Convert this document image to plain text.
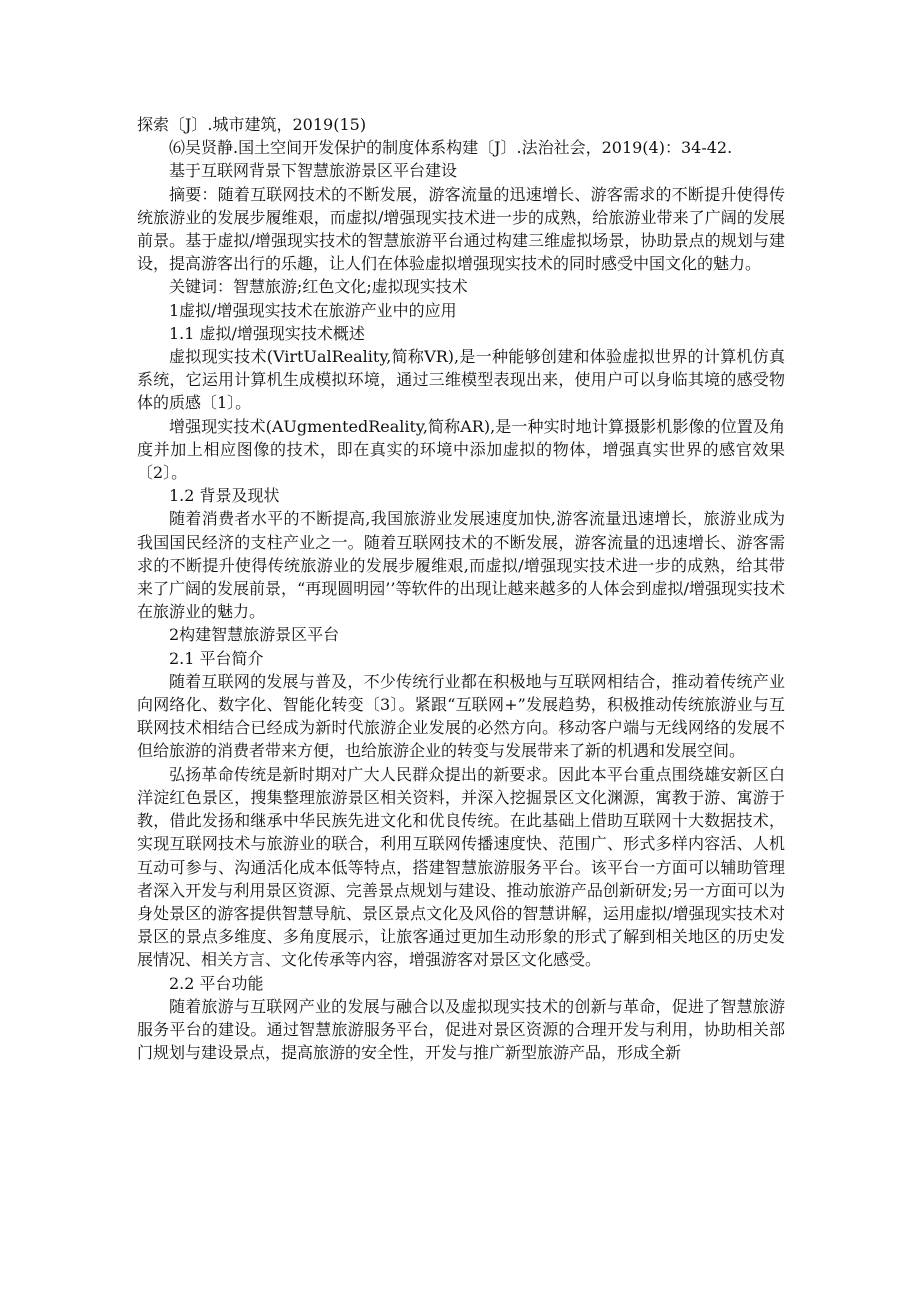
探索〔J〕.城市建筑，2019(15)

⑹吴贤静.国土空间开发保护的制度体系构建〔J〕.法治社会，2019(4)：34-42.

基于互联网背景下智慧旅游景区平台建设

摘要：随着互联网技术的不断发展，游客流量的迅速增长、游客需求的不断提升使得传统旅游业的发展步履维艰，而虚拟/增强现实技术进一步的成熟，给旅游业带来了广阔的发展前景。基于虚拟/增强现实技术的智慧旅游平台通过构建三维虚拟场景，协助景点的规划与建设，提高游客出行的乐趣，让人们在体验虚拟增强现实技术的同时感受中国文化的魅力。

关键词：智慧旅游;红色文化;虚拟现实技术

1虚拟/增强现实技术在旅游产业中的应用

1.1 虚拟/增强现实技术概述

虚拟现实技术(VirtUalReality,简称VR),是一种能够创建和体验虚拟世界的计算机仿真系统，它运用计算机生成模拟环境，通过三维模型表现出来，使用户可以身临其境的感受物体的质感〔1〕。

增强现实技术(AUgmentedReality,简称AR),是一种实时地计算摄影机影像的位置及角度并加上相应图像的技术，即在真实的环境中添加虚拟的物体，增强真实世界的感官效果〔2〕。

1.2 背景及现状

随着消费者水平的不断提高,我国旅游业发展速度加快,游客流量迅速增长，旅游业成为我国国民经济的支柱产业之一。随着互联网技术的不断发展，游客流量的迅速增长、游客需求的不断提升使得传统旅游业的发展步履维艰,而虚拟/增强现实技术进一步的成熟，给其带来了广阔的发展前景，“再现圆明园’’等软件的出现让越来越多的人体会到虚拟/增强现实技术在旅游业的魅力。

2构建智慧旅游景区平台

2.1 平台简介

随着互联网的发展与普及，不少传统行业都在积极地与互联网相结合，推动着传统产业向网络化、数字化、智能化转变〔3〕。紧跟“互联网+”发展趋势，积极推动传统旅游业与互联网技术相结合已经成为新时代旅游企业发展的必然方向。移动客户端与无线网络的发展不但给旅游的消费者带来方便，也给旅游企业的转变与发展带来了新的机遇和发展空间。

弘扬革命传统是新时期对广大人民群众提出的新要求。因此本平台重点围绕雄安新区白洋淀红色景区，搜集整理旅游景区相关资料，并深入挖掘景区文化渊源，寓教于游、寓游于教，借此发扬和继承中华民族先进文化和优良传统。在此基础上借助互联网十大数据技术，实现互联网技术与旅游业的联合，利用互联网传播速度快、范围广、形式多样内容活、人机互动可参与、沟通活化成本低等特点，搭建智慧旅游服务平台。该平台一方面可以辅助管理者深入开发与利用景区资源、完善景点规划与建设、推动旅游产品创新研发;另一方面可以为身处景区的游客提供智慧导航、景区景点文化及风俗的智慧讲解，运用虚拟/增强现实技术对景区的景点多维度、多角度展示，让旅客通过更加生动形象的形式了解到相关地区的历史发展情况、相关方言、文化传承等内容，增强游客对景区文化感受。

2.2 平台功能

随着旅游与互联网产业的发展与融合以及虚拟现实技术的创新与革命，促进了智慧旅游服务平台的建设。通过智慧旅游服务平台，促进对景区资源的合理开发与利用，协助相关部门规划与建设景点，提高旅游的安全性，开发与推广新型旅游产品，形成全新
